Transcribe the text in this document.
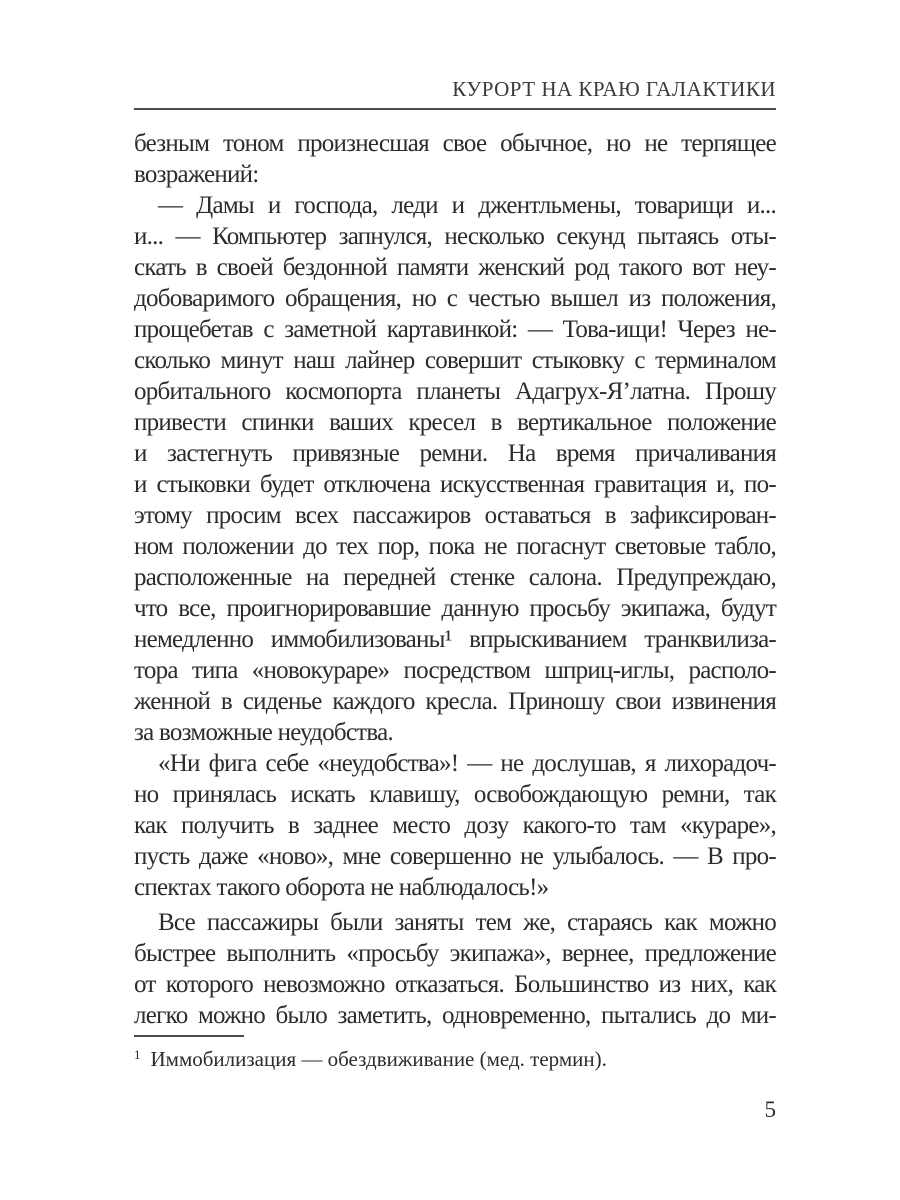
КУРОРТ НА КРАЮ ГАЛАКТИКИ
безным тоном произнесшая свое обычное, но не терпящее
возражений:
— Дамы и господа, леди и джентльмены, товарищи и...
и... — Компьютер запнулся, несколько секунд пытаясь оты-
скать в своей бездонной памяти женский род такого вот неу-
добоваримого обращения, но с честью вышел из положения,
прощебетав с заметной картавинкой: — Това-ищи! Через не-
сколько минут наш лайнер совершит стыковку с терминалом
орбитального космопорта планеты Адагрух-Я’латна. Прошу
привести спинки ваших кресел в вертикальное положение
и застегнуть привязные ремни. На время причаливания
и стыковки будет отключена искусственная гравитация и, по-
этому просим всех пассажиров оставаться в зафиксирован-
ном положении до тех пор, пока не погаснут световые табло,
расположенные на передней стенке салона. Предупреждаю,
что все, проигнорировавшие данную просьбу экипажа, будут
немедленно иммобилизованы¹ впрыскиванием транквилиза-
тора типа «новокураре» посредством шприц-иглы, располо-
женной в сиденье каждого кресла. Приношу свои извинения
за возможные неудобства.
«Ни фига себе «неудобства»! — не дослушав, я лихорадоч-
но принялась искать клавишу, освобождающую ремни, так
как получить в заднее место дозу какого-то там «кураре»,
пусть даже «ново», мне совершенно не улыбалось. — В про-
спектах такого оборота не наблюдалось!»
Все пассажиры были заняты тем же, стараясь как можно
быстрее выполнить «просьбу экипажа», вернее, предложение
от которого невозможно отказаться. Большинство из них, как
легко можно было заметить, одновременно, пытались до ми-
$^1$ Иммобилизация — обездвиживание (мед. термин).
5
